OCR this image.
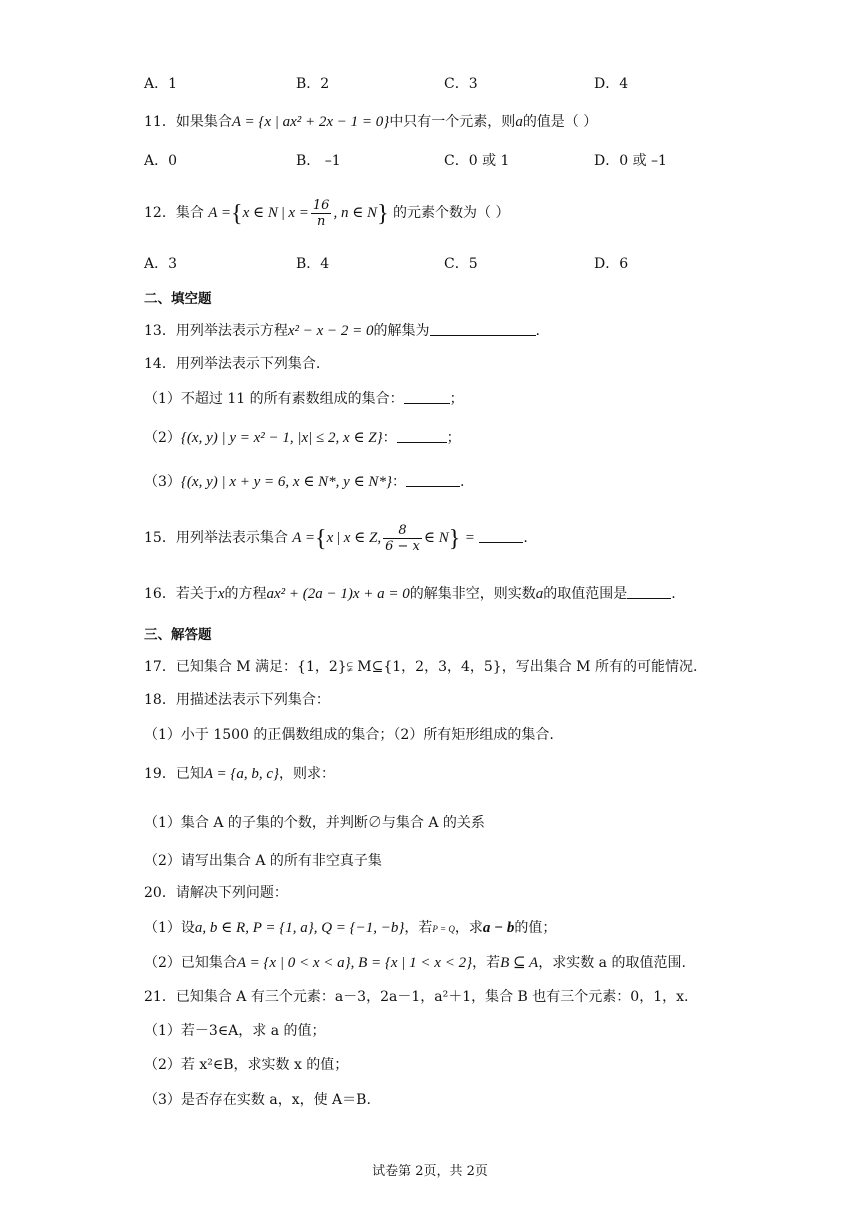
A．1	B．2	C．3	D．4
11．如果集合A = {x | ax² + 2x − 1 = 0}中只有一个元素，则a的值是（ ）
A．0	B． –1	C．0 或 1	D．0 或 –1
12．集合 A ={x ∈ N | $x = \frac{16}{n}$ , n ∈ N} 的元素个数为（ ）
A．3	B．4	C．5	D．6
二、填空题
13．用列举法表示方程x² − x − 2 = 0的解集为	.
14．用列举法表示下列集合.
（1）不超过 11 的所有素数组成的集合：	；
（2）{(x, y) | y = x² − 1, |x| ≤ 2, x ∈ Z}：	；
（3）{(x, y) | x + y = 6, x ∈ N*, y ∈ N*}：	.
15．用列举法表示集合 A ={x | x ∈ Z, $\frac{8}{6 - x}$ ∈ N} =	.
16．若关于x的方程ax² + (2a − 1)x + a = 0的解集非空，则实数a的取值范围是	.
三、解答题
17．已知集合 M 满足：{1，2}⫋ M⊆{1，2，3，4，5}，写出集合 M 所有的可能情况.
18．用描述法表示下列集合：
（1）小于 1500 的正偶数组成的集合；（2）所有矩形组成的集合.
19．已知A = {a, b, c}，则求：
（1）集合 A 的子集的个数，并判断∅与集合 A 的关系
（2）请写出集合 A 的所有非空真子集
20．请解决下列问题：
（1）设a, b ∈ R, P = {1, a}, Q = {−1, −b}，若P = Q，求a − b的值；
（2）已知集合A = {x | 0 < x < a}, B = {x | 1 < x < 2}，若B ⊆ A，求实数 a 的取值范围.
21．已知集合 A 有三个元素：a－3，2a－1，a²＋1，集合 B 也有三个元素：0，1，x.
（1）若－3∈A，求 a 的值；
（2）若 x²∈B，求实数 x 的值；
（3）是否存在实数 a，x，使 A＝B.
试卷第 2页，共 2页
